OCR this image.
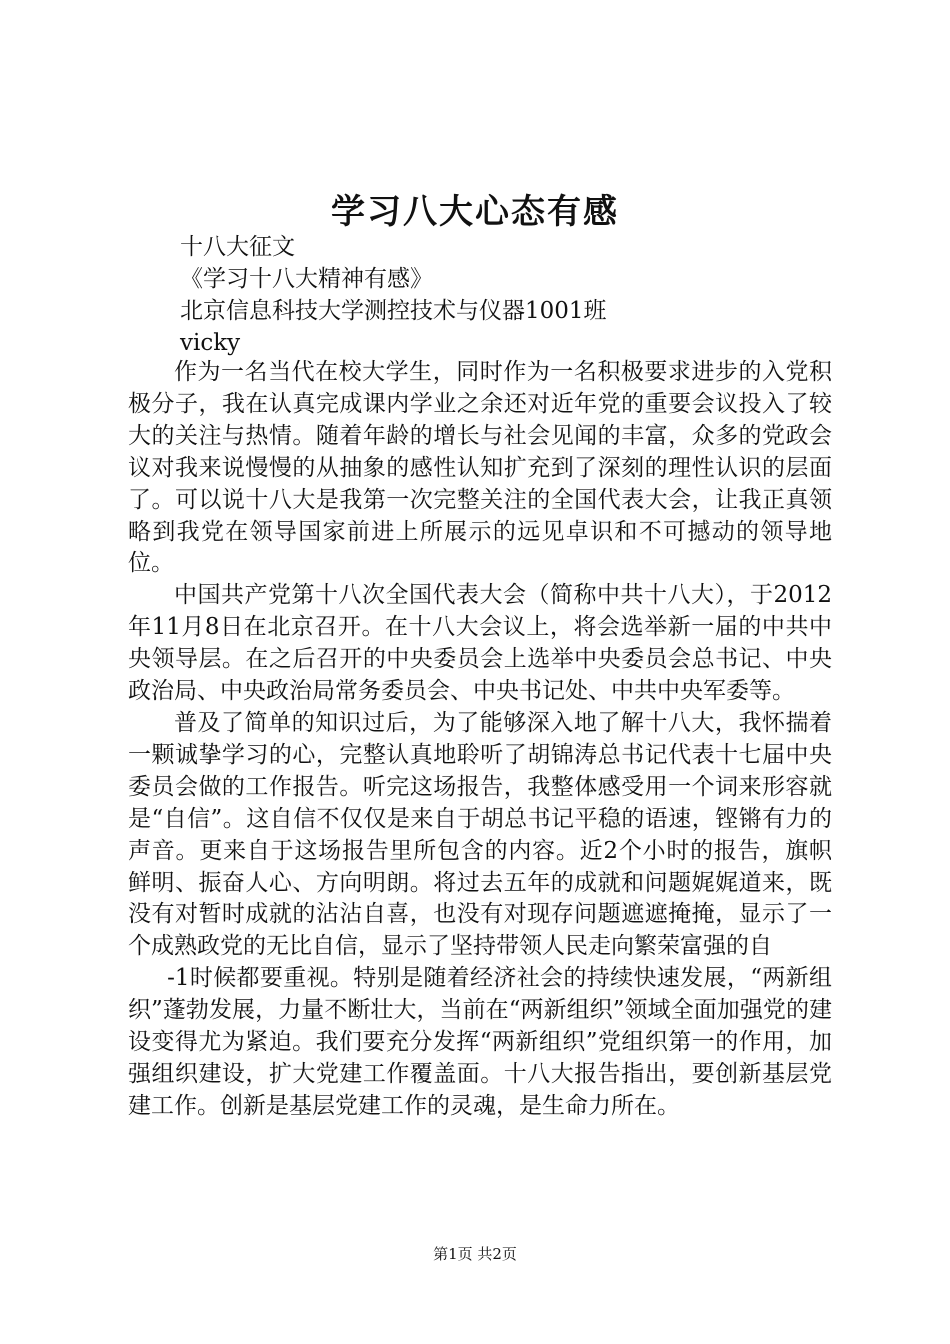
学习八大心态有感
十八大征文
《学习十八大精神有感》
北京信息科技大学测控技术与仪器1001班
vicky

作为一名当代在校大学生，同时作为一名积极要求进步的入党积极分子，我在认真完成课内学业之余还对近年党的重要会议投入了较大的关注与热情。随着年龄的增长与社会见闻的丰富，众多的党政会议对我来说慢慢的从抽象的感性认知扩充到了深刻的理性认识的层面了。可以说十八大是我第一次完整关注的全国代表大会，让我正真领略到我党在领导国家前进上所展示的远见卓识和不可撼动的领导地位。

中国共产党第十八次全国代表大会（简称中共十八大），于2012年11月8日在北京召开。在十八大会议上，将会选举新一届的中共中央领导层。在之后召开的中央委员会上选举中央委员会总书记、中央政治局、中央政治局常务委员会、中央书记处、中共中央军委等。

普及了简单的知识过后，为了能够深入地了解十八大，我怀揣着一颗诚挚学习的心，完整认真地聆听了胡锦涛总书记代表十七届中央委员会做的工作报告。听完这场报告，我整体感受用一个词来形容就是“自信”。这自信不仅仅是来自于胡总书记平稳的语速，铿锵有力的声音。更来自于这场报告里所包含的内容。近2个小时的报告，旗帜鲜明、振奋人心、方向明朗。将过去五年的成就和问题娓娓道来，既没有对暂时成就的沾沾自喜，也没有对现存问题遮遮掩掩，显示了一个成熟政党的无比自信，显示了坚持带领人民走向繁荣富强的自

-1时候都要重视。特别是随着经济社会的持续快速发展，“两新组织”蓬勃发展，力量不断壮大，当前在“两新组织”领域全面加强党的建设变得尤为紧迫。我们要充分发挥“两新组织”党组织第一的作用，加强组织建设，扩大党建工作覆盖面。十八大报告指出，要创新基层党建工作。创新是基层党建工作的灵魂，是生命力所在。

第1页 共2页
